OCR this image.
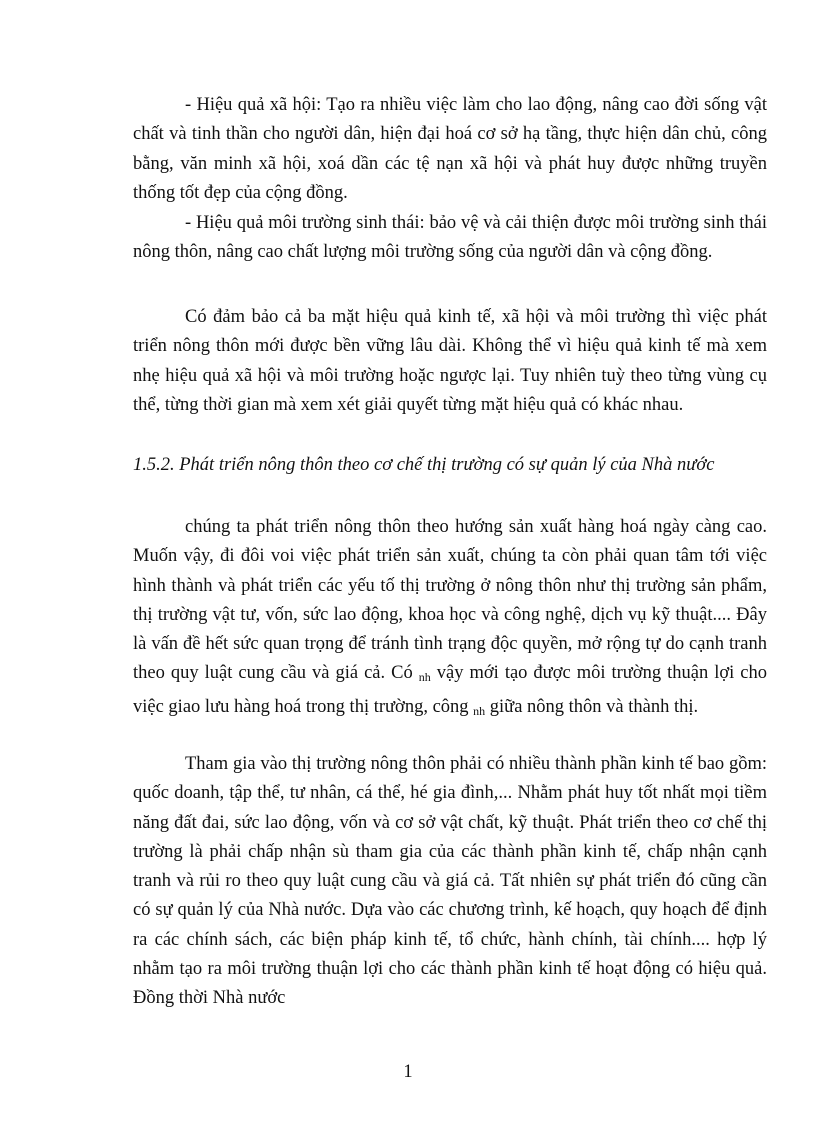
- Hiệu quả xã hội: Tạo ra nhiều việc làm cho lao động, nâng cao đời sống vật chất và tinh thần cho người dân, hiện đại hoá cơ sở hạ tầng, thực hiện dân chủ, công bằng, văn minh xã hội, xoá dần các tệ nạn xã hội và phát huy được những truyền thống tốt đẹp của cộng đồng.

- Hiệu quả môi trường sinh thái: bảo vệ và cải thiện được môi trường sinh thái nông thôn, nâng cao chất lượng môi trường sống của người dân và cộng đồng.

Có đảm bảo cả ba mặt hiệu quả kinh tế, xã hội và môi trường thì việc phát triển nông thôn mới được bền vững lâu dài. Không thể vì hiệu quả kinh tế mà xem nhẹ hiệu quả xã hội và môi trường hoặc ngược lại. Tuy nhiên tuỳ theo từng vùng cụ thể, từng thời gian mà xem xét giải quyết từng mặt hiệu quả có khác nhau.

1.5.2. Phát triển nông thôn theo cơ chế thị trường có sự quản lý của Nhà nước

chúng ta phát triển nông thôn theo hướng sản xuất hàng hoá ngày càng cao. Muốn vậy, đi đôi voi việc phát triển sản xuất, chúng ta còn phải quan tâm tới việc hình thành và phát triển các yếu tố thị trường ở nông thôn như thị trường sản phẩm, thị trường vật tư, vốn, sức lao động, khoa học và công nghệ, dịch vụ kỹ thuật.... Đây là vấn đề hết sức quan trọng để tránh tình trạng độc quyền, mở rộng tự do cạnh tranh theo quy luật cung cầu và giá cả. Có nh vậy mới tạo được môi trường thuận lợi cho việc giao lưu hàng hoá trong thị trường, công nh giữa nông thôn và thành thị.

Tham gia vào thị trường nông thôn phải có nhiều thành phần kinh tế bao gồm: quốc doanh, tập thể, tư nhân, cá thể, hé gia đình,... Nhằm phát huy tốt nhất mọi tiềm năng đất đai, sức lao động, vốn và cơ sở vật chất, kỹ thuật. Phát triển theo cơ chế thị trường là phải chấp nhận sù tham gia của các thành phần kinh tế, chấp nhận cạnh tranh và rủi ro theo quy luật cung cầu và giá cả. Tất nhiên sự phát triển đó cũng cần có sự quản lý của Nhà nước. Dựa vào các chương trình, kế hoạch, quy hoạch để định ra các chính sách, các biện pháp kinh tế, tổ chức, hành chính, tài chính.... hợp lý nhằm tạo ra môi trường thuận lợi cho các thành phần kinh tế hoạt động có hiệu quả. Đồng thời Nhà nước

1
